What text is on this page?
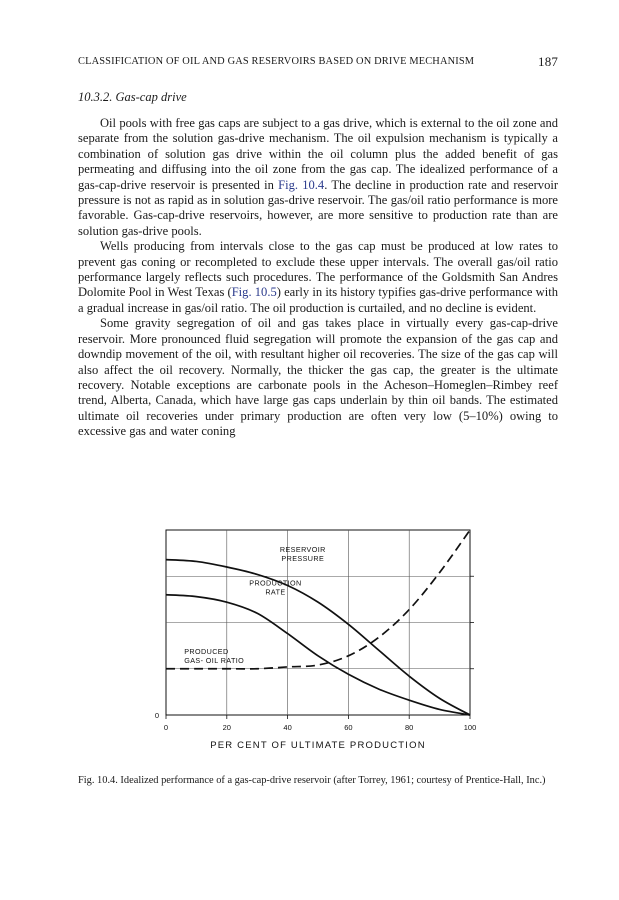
CLASSIFICATION OF OIL AND GAS RESERVOIRS BASED ON DRIVE MECHANISM	187
10.3.2. Gas-cap drive

Oil pools with free gas caps are subject to a gas drive, which is external to the oil zone and separate from the solution gas-drive mechanism. The oil expulsion mechanism is typically a combination of solution gas drive within the oil column plus the added benefit of gas permeating and diffusing into the oil zone from the gas cap. The idealized performance of a gas-cap-drive reservoir is presented in Fig. 10.4. The decline in production rate and reservoir pressure is not as rapid as in solution gas-drive reservoir. The gas/oil ratio performance is more favorable. Gas-cap-drive reservoirs, however, are more sensitive to production rate than are solution gas-drive pools.

Wells producing from intervals close to the gas cap must be produced at low rates to prevent gas coning or recompleted to exclude these upper intervals. The overall gas/oil ratio performance largely reflects such procedures. The performance of the Goldsmith San Andres Dolomite Pool in West Texas (Fig. 10.5) early in its history typifies gas-drive performance with a gradual increase in gas/oil ratio. The oil production is curtailed, and no decline is evident.

Some gravity segregation of oil and gas takes place in virtually every gas-cap-drive reservoir. More pronounced fluid segregation will promote the expansion of the gas cap and downdip movement of the oil, with resultant higher oil recoveries. The size of the gas cap will also affect the oil recovery. Normally, the thicker the gas cap, the greater is the ultimate recovery. Notable exceptions are carbonate pools in the Acheson–Homeglen–Rimbey reef trend, Alberta, Canada, which have large gas caps underlain by thin oil bands. The estimated ultimate oil recoveries under primary production are often very low (5–10%) owing to excessive gas and water coning

0	20	40	60	80	100
0
PER CENT OF ULTIMATE PRODUCTION
RESERVOIR
PRESSURE
PRODUCTION
RATE
PRODUCED
GAS- OIL RATIO
Fig. 10.4. Idealized performance of a gas-cap-drive reservoir (after Torrey, 1961; courtesy of Prentice-Hall, Inc.)
